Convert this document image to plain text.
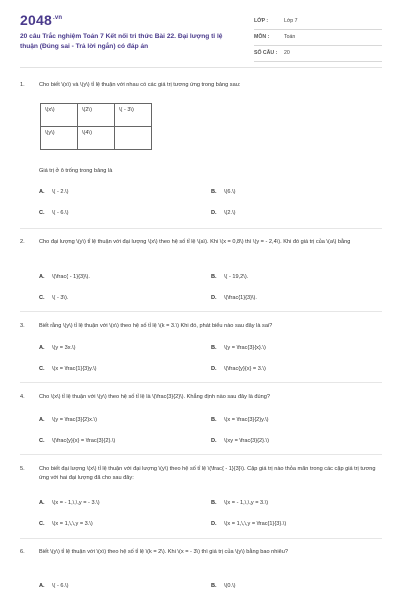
$2048^{.vn}$
20 câu Trắc nghiệm Toán 7 Kết nối tri thức Bài 22. Đại lượng tỉ lệ thuận (Đúng sai - Trả lời ngắn) có đáp án
LỚP :	Lớp 7
MÔN :	Toán
SỐ CÂU : 20
1.	Cho biết \(x\) và \(y\) tỉ lệ thuận với nhau có các giá trị tương ứng trong bảng sau:
\(x\)	\(2\)	\( - 3\)
\(y\)	\(4\)	
Giá trị ở ô trống trong bảng là
A. \( - 2.\)	B. \(6.\)
C. \( - 6.\)	D. \(2.\)
2.	Cho đại lượng \(y\) tỉ lệ thuận với đại lượng \(x\) theo hệ số tỉ lệ \(a\). Khi \(x = 0,8\) thì \(y = - 2,4\). Khi đó giá trị của \(a\) bằng
A. \(\frac{ - 1}{3}\).	B. \( - 19,2\).
C. \( - 3\).	D. \(\frac{1}{3}\).
3.	Biết rằng \(y\) tỉ lệ thuận với \(x\) theo hệ số tỉ lệ \(k = 3.\) Khi đó, phát biểu nào sau đây là sai?
A. \(y = 3x.\)	B. \(y = \frac{3}{x}.\)
C. \(x = \frac{1}{3}y.\)	D. \(\frac{y}{x} = 3.\)
4.	Cho \(x\) tỉ lệ thuận với \(y\) theo hệ số tỉ lệ là \(\frac{3}{2}\). Khẳng định nào sau đây là đúng?
A. \(y = \frac{3}{2}x.\)	B. \(x = \frac{3}{2}y.\)
C. \(\frac{y}{x} = \frac{3}{2}.\)	D. \(xy = \frac{3}{2}.\)
5.	Cho biết đại lượng \(x\) tỉ lệ thuận với đại lượng \(y\) theo hệ số tỉ lệ \(\frac{ - 1}{3}\). Cặp giá trị nào thỏa mãn trong các cặp giá trị tương ứng với hai đại lượng đã cho sau đây:
A. \(x = - 1,\,\,y = - 3.\)	B. \(x = - 1,\,\,y = 3.\)
C. \(x = 1,\,\,y = 3.\)	D. \(x = 1,\,\,y = \frac{1}{3}.\)
6.	Biết \(y\) tỉ lệ thuận với \(x\) theo hệ số tỉ lệ \(k = 2\). Khi \(x = - 3\) thì giá trị của \(y\) bằng bao nhiêu?
A. \( - 6.\)	B. \(0.\)
